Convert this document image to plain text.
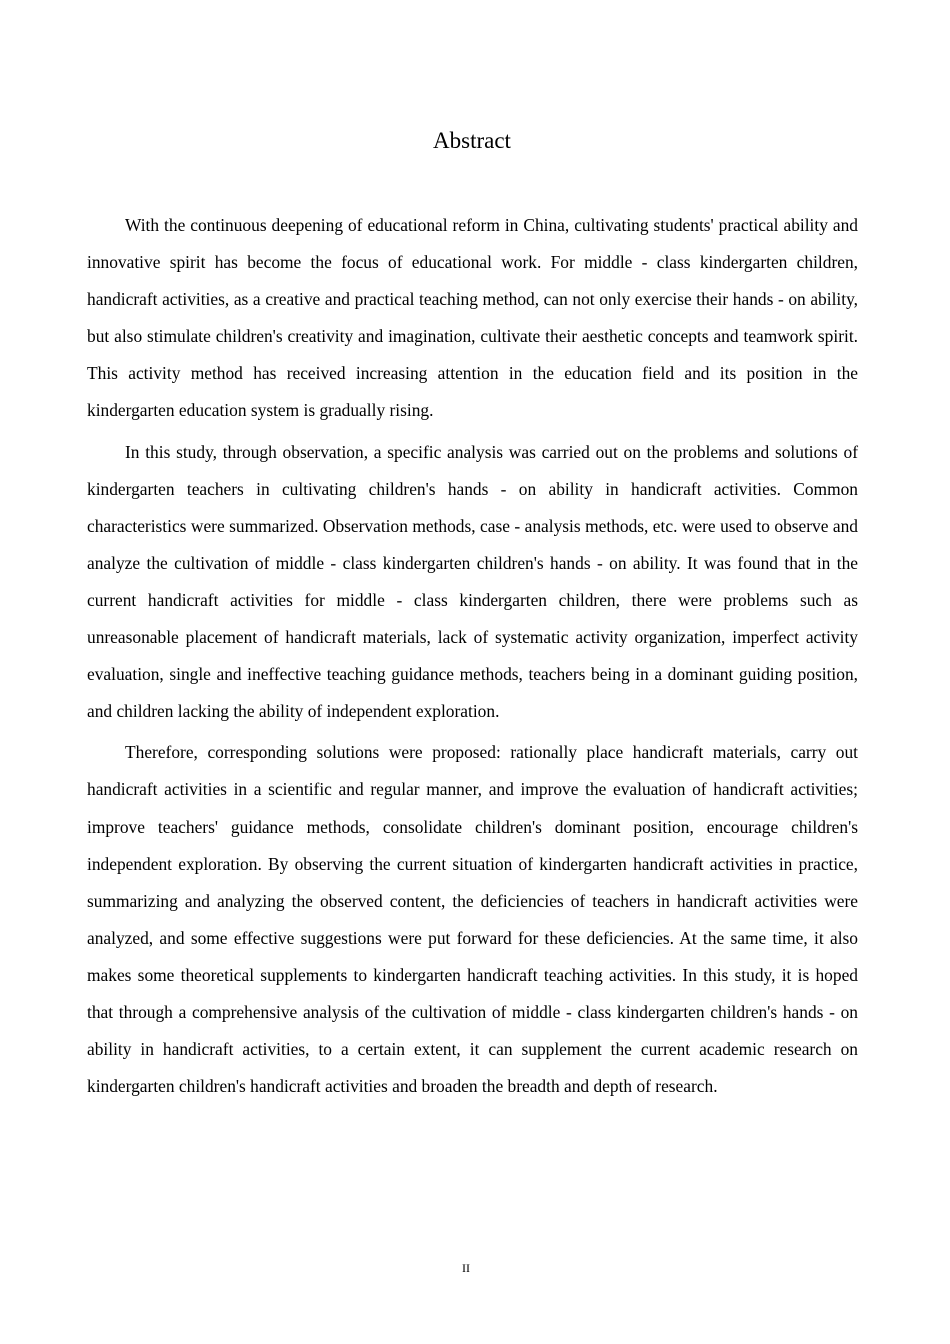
Abstract

With the continuous deepening of educational reform in China, cultivating students' practical ability and innovative spirit has become the focus of educational work. For middle - class kindergarten children, handicraft activities, as a creative and practical teaching method, can not only exercise their hands - on ability, but also stimulate children's creativity and imagination, cultivate their aesthetic concepts and teamwork spirit. This activity method has received increasing attention in the education field and its position in the kindergarten education system is gradually rising.

In this study, through observation, a specific analysis was carried out on the problems and solutions of kindergarten teachers in cultivating children's hands - on ability in handicraft activities. Common characteristics were summarized. Observation methods, case - analysis methods, etc. were used to observe and analyze the cultivation of middle - class kindergarten children's hands - on ability. It was found that in the current handicraft activities for middle - class kindergarten children, there were problems such as unreasonable placement of handicraft materials, lack of systematic activity organization, imperfect activity evaluation, single and ineffective teaching guidance methods, teachers being in a dominant guiding position, and children lacking the ability of independent exploration.

Therefore, corresponding solutions were proposed: rationally place handicraft materials, carry out handicraft activities in a scientific and regular manner, and improve the evaluation of handicraft activities; improve teachers' guidance methods, consolidate children's dominant position, encourage children's independent exploration. By observing the current situation of kindergarten handicraft activities in practice, summarizing and analyzing the observed content, the deficiencies of teachers in handicraft activities were analyzed, and some effective suggestions were put forward for these deficiencies. At the same time, it also makes some theoretical supplements to kindergarten handicraft teaching activities. In this study, it is hoped that through a comprehensive analysis of the cultivation of middle - class kindergarten children's hands - on ability in handicraft activities, to a certain extent, it can supplement the current academic research on kindergarten children's handicraft activities and broaden the breadth and depth of research.

II
